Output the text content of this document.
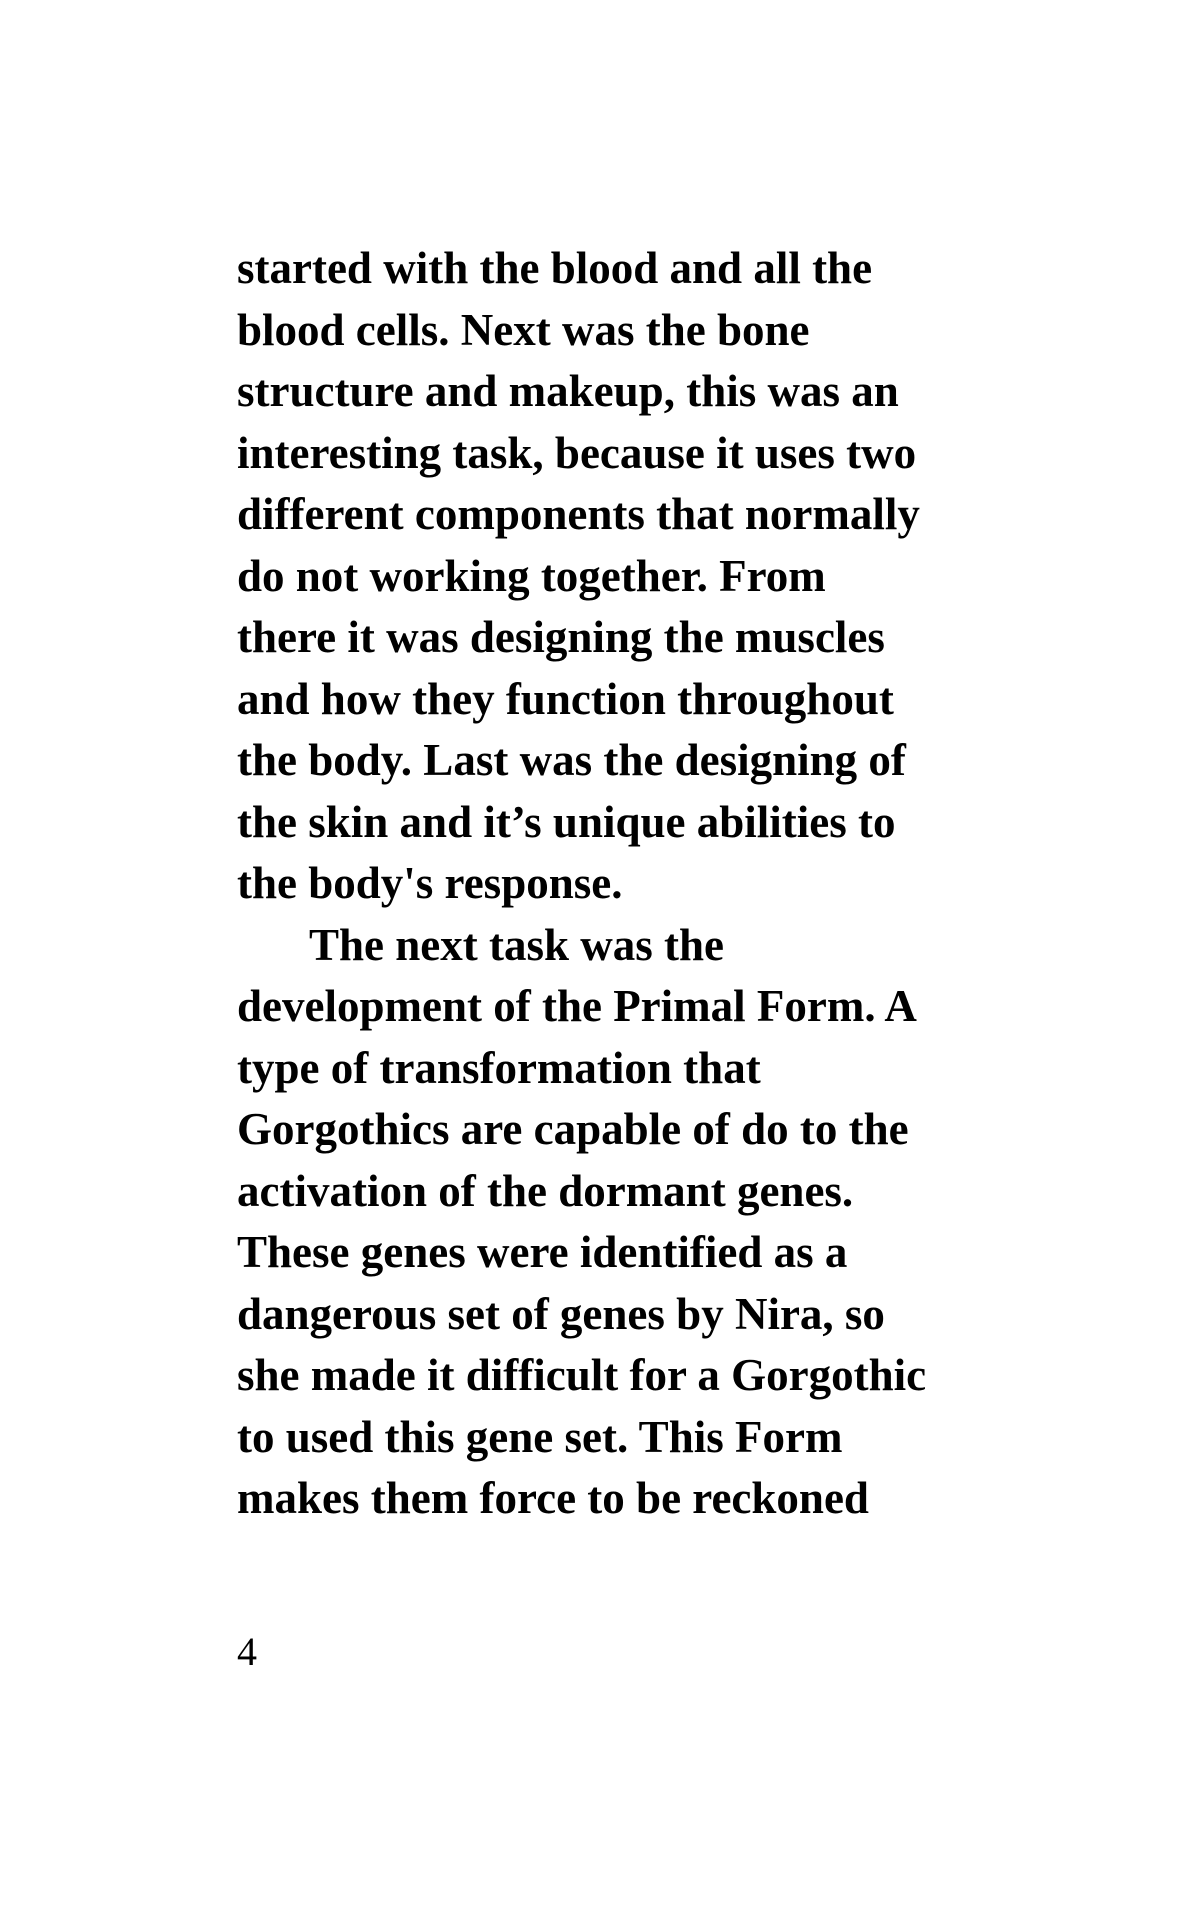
started with the blood and all the
blood cells. Next was the bone
structure and makeup, this was an
interesting task, because it uses two
different components that normally
do not working together. From
there it was designing the muscles
and how they function throughout
the body. Last was the designing of
the skin and it’s unique abilities to
the body's response.
The next task was the
development of the Primal Form. A
type of transformation that
Gorgothics are capable of do to the
activation of the dormant genes.
These genes were identified as a
dangerous set of genes by Nira, so
she made it difficult for a Gorgothic
to used this gene set. This Form
makes them force to be reckoned
4
